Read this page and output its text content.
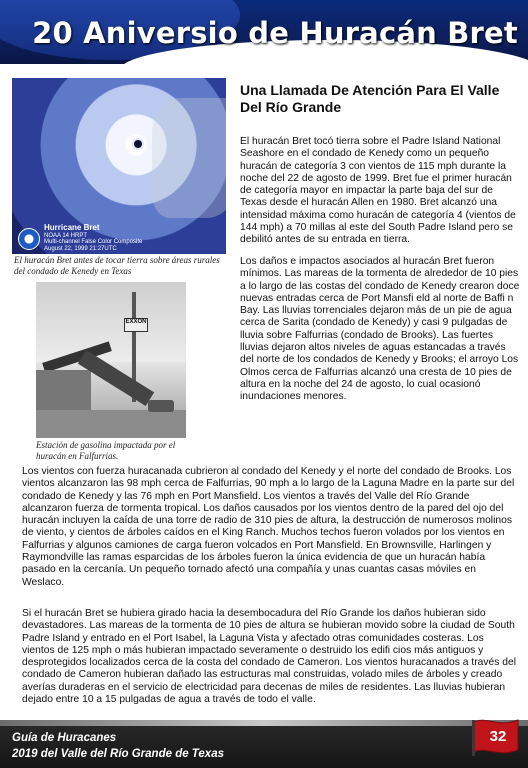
20 Aniversio de Huracán Bret
Hurricane Bret
NOAA 14 HRPT
Multi-channel False Color Composite
August 22, 1999 21:27UTC
El huracán Bret antes de tocar tierra sobre áreas rurales del condado de Kenedy en Texas
EXXON
Estación de gasolina impactada por el huracán en Falfurrias.
Una Llamada De Atención Para El Valle Del Río Grande

El huracán Bret tocó tierra sobre el Padre Island National Seashore en el condado de Kenedy como un pequeño huracán de categoría 3 con vientos de 115 mph durante la noche del 22 de agosto de 1999. Bret fue el primer huracán de categoría mayor en impactar la parte baja del sur de Texas desde el huracán Allen en 1980. Bret alcanzó una intensidad máxima como huracán de categoría 4 (vientos de 144 mph) a 70 millas al este del South Padre Island pero se debilitó antes de su entrada en tierra.

Los daños e impactos asociados al huracán Bret fueron mínimos. Las mareas de la tormenta de alrededor de 10 pies a lo largo de las costas del condado de Kenedy crearon doce nuevas entradas cerca de Port Mansfi eld al norte de Baffi n Bay. Las lluvias torrenciales dejaron más de un pie de agua cerca de Sarita (condado de Kenedy) y casi 9 pulgadas de lluvia sobre Falfurrias (condado de Brooks). Las fuertes lluvias dejaron altos niveles de aguas estancadas a través del norte de los condados de Kenedy y Brooks; el arroyo Los Olmos cerca de Falfurrias alcanzó una cresta de 10 pies de altura en la noche del 24 de agosto, lo cual ocasionó inundaciones menores.

Los vientos con fuerza huracanada cubrieron al condado del Kenedy y el norte del condado de Brooks. Los vientos alcanzaron las 98 mph cerca de Falfurrias, 90 mph a lo largo de la Laguna Madre en la parte sur del condado de Kenedy y las 76 mph en Port Mansfield. Los vientos a través del Valle del Río Grande alcanzaron fuerza de tormenta tropical. Los daños causados por los vientos dentro de la pared del ojo del huracán incluyen la caída de una torre de radio de 310 pies de altura, la destrucción de numerosos molinos de viento, y cientos de árboles caídos en el King Ranch. Muchos techos fueron volados por los vientos en Falfurrias y algunos camiones de carga fueron volcados en Port Mansfield. En Brownsville, Harlingen y Raymondville las ramas esparcidas de los árboles fueron la única evidencia de que un huracán había pasado en la cercanía. Un pequeño tornado afectó una compañía y unas cuantas casas móviles en Weslaco.

Si el huracán Bret se hubiera girado hacia la desembocadura del Río Grande los daños hubieran sido devastadores. Las mareas de la tormenta de 10 pies de altura se hubieran movido sobre la ciudad de South Padre Island y entrado en el Port Isabel, la Laguna Vista y afectado otras comunidades costeras. Los vientos de 125 mph o más hubieran impactado severamente o destruido los edifi cios más antiguos y desprotegidos localizados cerca de la costa del condado de Cameron. Los vientos huracanados a través del condado de Cameron hubieran dañado las estructuras mal construidas, volado miles de árboles y creado averías duraderas en el servicio de electricidad para decenas de miles de residentes. Las lluvias hubieran dejado entre 10 a 15 pulgadas de agua a través de todo el valle.

Guía de Huracanes
2019 del Valle del Río Grande de Texas
32
